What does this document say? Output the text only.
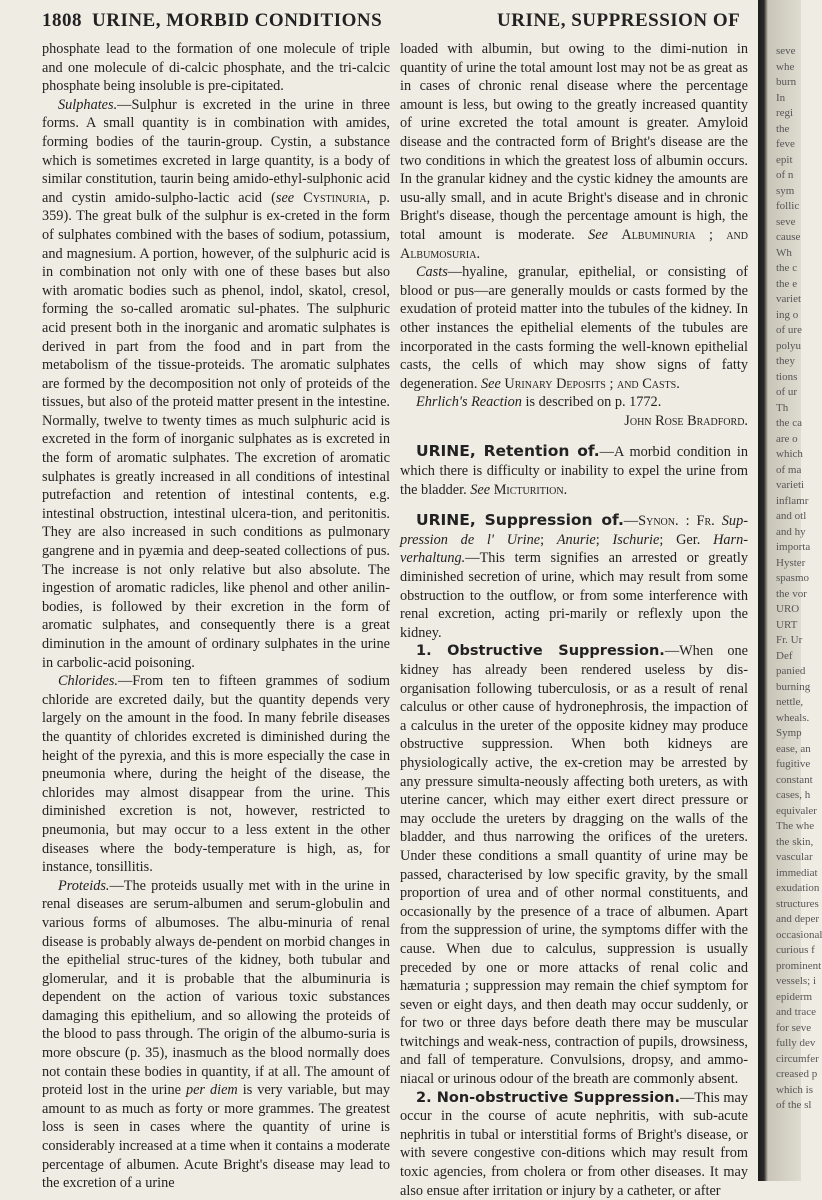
1808 URINE, MORBID CONDITIONS	URINE, SUPPRESSION OF

phosphate lead to the formation of one molecule of triple and one molecule of di-calcic phosphate, and the tri-calcic phosphate being insoluble is pre-cipitated.

Sulphates.—Sulphur is excreted in the urine in three forms. A small quantity is in combination with amides, forming bodies of the taurin-group. Cystin, a substance which is sometimes excreted in large quantity, is a body of similar constitution, taurin being amido-ethyl-sulphonic acid and cystin amido-sulpho-lactic acid (see Cystinuria, p. 359). The great bulk of the sulphur is ex-creted in the form of sulphates combined with the bases of sodium, potassium, and magnesium. A portion, however, of the sulphuric acid is in combination not only with one of these bases but also with aromatic bodies such as phenol, indol, skatol, cresol, forming the so-called aromatic sul-phates. The sulphuric acid present both in the inorganic and aromatic sulphates is derived in part from the food and in part from the metabolism of the tissue-proteids. The aromatic sulphates are formed by the decomposition not only of proteids of the tissues, but also of the proteid matter present in the intestine. Normally, twelve to twenty times as much sulphuric acid is excreted in the form of inorganic sulphates as is excreted in the form of aromatic sulphates. The excretion of aromatic sulphates is greatly increased in all conditions of intestinal putrefaction and retention of intestinal contents, e.g. intestinal obstruction, intestinal ulcera-tion, and peritonitis. They are also increased in such conditions as pulmonary gangrene and in pyæmia and deep-seated collections of pus. The increase is not only relative but also absolute. The ingestion of aromatic radicles, like phenol and other anilin-bodies, is followed by their excretion in the form of aromatic sulphates, and consequently there is a great diminution in the amount of ordinary sulphates in the urine in carbolic-acid poisoning.

Chlorides.—From ten to fifteen grammes of sodium chloride are excreted daily, but the quantity depends very largely on the amount in the food. In many febrile diseases the quantity of chlorides excreted is diminished during the height of the pyrexia, and this is more especially the case in pneumonia where, during the height of the disease, the chlorides may almost disappear from the urine. This diminished excretion is not, however, restricted to pneumonia, but may occur to a less extent in the other diseases where the body-temperature is high, as, for instance, tonsillitis.

Proteids.—The proteids usually met with in the urine in renal diseases are serum-albumen and serum-globulin and various forms of albumoses. The albu-minuria of renal disease is probably always de-pendent on morbid changes in the epithelial struc-tures of the kidney, both tubular and glomerular, and it is probable that the albuminuria is dependent on the action of various toxic substances damaging this epithelium, and so allowing the proteids of the blood to pass through. The origin of the albumo-suria is more obscure (p. 35), inasmuch as the blood normally does not contain these bodies in quantity, if at all. The amount of proteid lost in the urine per diem is very variable, but may amount to as much as forty or more grammes. The greatest loss is seen in cases where the quantity of urine is considerably increased at a time when it contains a moderate percentage of albumen. Acute Bright's disease may lead to the excretion of a urine

loaded with albumin, but owing to the dimi-nution in quantity of urine the total amount lost may not be as great as in cases of chronic renal disease where the percentage amount is less, but owing to the greatly increased quantity of urine excreted the total amount is greater. Amyloid disease and the contracted form of Bright's disease are the two conditions in which the greatest loss of albumin occurs. In the granular kidney and the cystic kidney the amounts are usu-ally small, and in acute Bright's disease and in chronic Bright's disease, though the percentage amount is high, the total amount is moderate. See Albuminuria ; and Albumosuria.

Casts—hyaline, granular, epithelial, or consisting of blood or pus—are generally moulds or casts formed by the exudation of proteid matter into the tubules of the kidney. In other instances the epithelial elements of the tubules are incorporated in the casts forming the well-known epithelial casts, the cells of which may show signs of fatty degeneration. See Urinary Deposits ; and Casts.

Ehrlich's Reaction is described on p. 1772.

John Rose Bradford.

URINE, Retention of.—A morbid condition in which there is difficulty or inability to expel the urine from the bladder. See Micturition.

URINE, Suppression of.—Synon. : Fr. Sup-pression de l' Urine; Anurie; Ischurie; Ger. Harn-verhaltung.—This term signifies an arrested or greatly diminished secretion of urine, which may result from some obstruction to the outflow, or from some interference with renal excretion, acting pri-marily or reflexly upon the kidney.

1. Obstructive Suppression.—When one kidney has already been rendered useless by dis-organisation following tuberculosis, or as a result of renal calculus or other cause of hydronephrosis, the impaction of a calculus in the ureter of the opposite kidney may produce obstructive suppression. When both kidneys are physiologically active, the ex-cretion may be arrested by any pressure simulta-neously affecting both ureters, as with uterine cancer, which may either exert direct pressure or may occlude the ureters by dragging on the walls of the bladder, and thus narrowing the orifices of the ureters. Under these conditions a small quantity of urine may be passed, characterised by low specific gravity, by the small proportion of urea and of other normal constituents, and occasionally by the presence of a trace of albumen. Apart from the suppression of urine, the symptoms differ with the cause. When due to calculus, suppression is usually preceded by one or more attacks of renal colic and hæmaturia ; suppression may remain the chief symptom for seven or eight days, and then death may occur suddenly, or for two or three days before death there may be muscular twitchings and weak-ness, contraction of pupils, drowsiness, and fall of temperature. Convulsions, dropsy, and ammo-niacal or urinous odour of the breath are commonly absent.

2. Non-obstructive Suppression.—This may occur in the course of acute nephritis, with sub-acute nephritis in tubal or interstitial forms of Bright's disease, or with severe congestive con-ditions which may result from toxic agencies, from cholera or from other diseases. It may also ensue after irritation or injury by a catheter, or after

seve
whe
burn
In
regi
the
feve
epit
of n
sym
follic
seve
cause
Wh
the c
the e
variet
ing o
of ure
polyu
they
tions
of ur
Th
the ca
are o
which
of ma
varieti
inflamr
and otl
and hy
importa
Hyster
spasmo
the vor
URO
URT
Fr. Ur
Def
panied
burning
nettle,
wheals.
Symp
ease, an
fugitive
constant
cases, h
equivaler
The whe
the skin,
vascular
immediat
exudation
structures
and deper
occasional
curious f
prominent
vessels; i
epiderm
and trace
for seve
fully dev
circumfer
creased p
which is
of the sl
